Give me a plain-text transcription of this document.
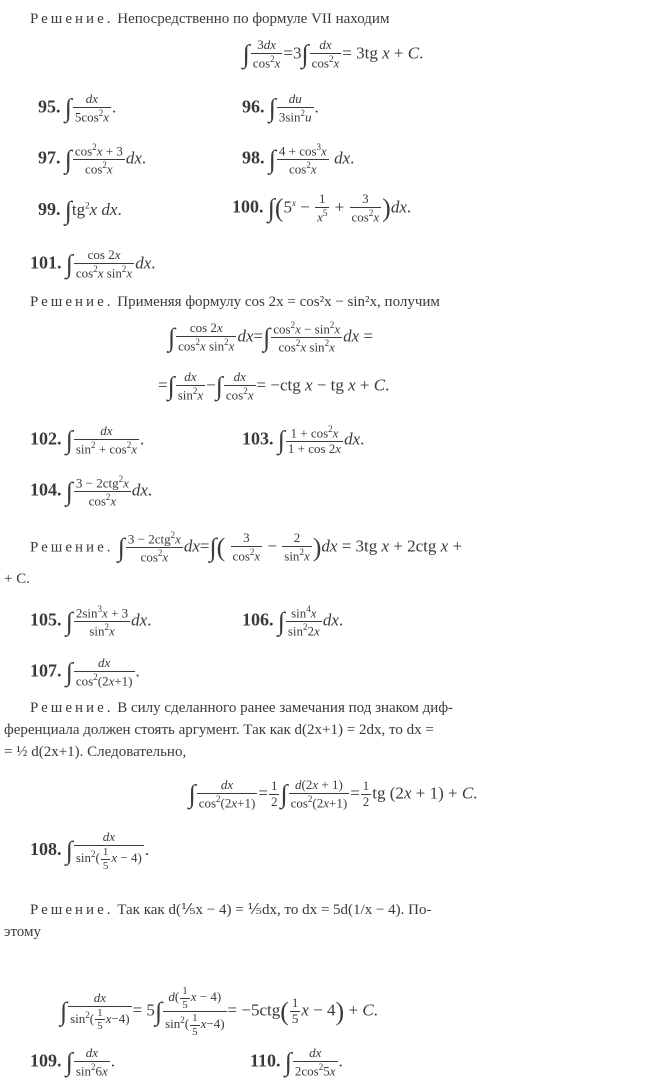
Решение. Непосредственно по формуле VII находим
∫ $\frac{3dx}{\cos^2x} =3\int \frac{dx}{\cos^2x} = 3tg$ x + C.
95. ∫ $\frac{dx}{5\cos^2x}$ .	96. ∫ $\frac{du}{3\sin^2u}$ .
97. ∫ $\frac{\cos^2x + 3}{\cos^2x}$ dx.	98. ∫ $\frac{4 + \cos^3x}{\cos^2x}$ dx.
99. $\int tg^2x$ dx.	100. $\int(5^x - \frac{1}{x^5} + \frac{3}{\cos^2x} )dx$.
101. ∫ $\frac{\cos 2x}{\cos^2x \sin^2x}$ dx.
Решение. Применяя формулу cos 2x = cos²x − sin²x, получим
∫ $\frac{\cos 2x}{\cos^2x \sin^2x} dx=\int \frac{\cos^2x - \sin^2x}{\cos^2x \sin^2x}$ dx =
=∫ $\frac{dx}{\sin^2x}$ −∫ $\frac{dx}{\cos^2x} = -ctg$ x − tg x + C.
102. ∫ $\frac{dx}{\sin^2 + \cos^2x}$ .	103. ∫ $\frac{1 + \cos^2x}{1 + \cos 2x}$ dx.
104. ∫ 3 − 2ctg$^2$x
$\cos^2x$
dx.
Решение. ∫ 3 − 2ctg$^2$x
$\cos^2x$
$dx=\int( \frac{3}{\cos^2x} - \frac{2}{\sin^2x} )dx = 3tg$ x + 2ctg x +
+ C.
105. ∫ $\frac{2\sin^3x + 3}{\sin^2x}$ dx.	106. ∫ $\frac{\sin^4x}{\sin^22x}$ dx.
107. ∫ $\frac{dx}{\cos^2(2x+1)}$ .
Решение. В силу сделанного ранее замечания под знаком диф-
ференциала должен стоять аргумент. Так как d(2x+1) = 2dx, то dx =
= ½ d(2x+1). Следовательно,
∫ $\frac{dx}{\cos^2(2x+1)} = \frac{1}{2}$ ∫ $\frac{d(2x + 1)}{\cos^2(2x+1)} = \frac{1}{2}$ tg (2x + 1) + C.
108. ∫ $\frac{dx}{\sin^2( \frac{1}{5} x - 4)}$ .
Решение. Так как d(⅕x − 4) = ⅕dx, то dx = 5d(1/x − 4). По-
этому
∫ $\frac{dx}{\sin^2( \frac{1}{5} x-4)} = 5\int \frac{d( \frac{1}{5} x - 4)}{\sin^2( \frac{1}{5} x-4)} = -5ctg( \frac{1}{5}$ x − 4) + C.
109. ∫ $\frac{dx}{\sin^26x}$ .	110. ∫ $\frac{dx}{2\cos^25x}$ .
